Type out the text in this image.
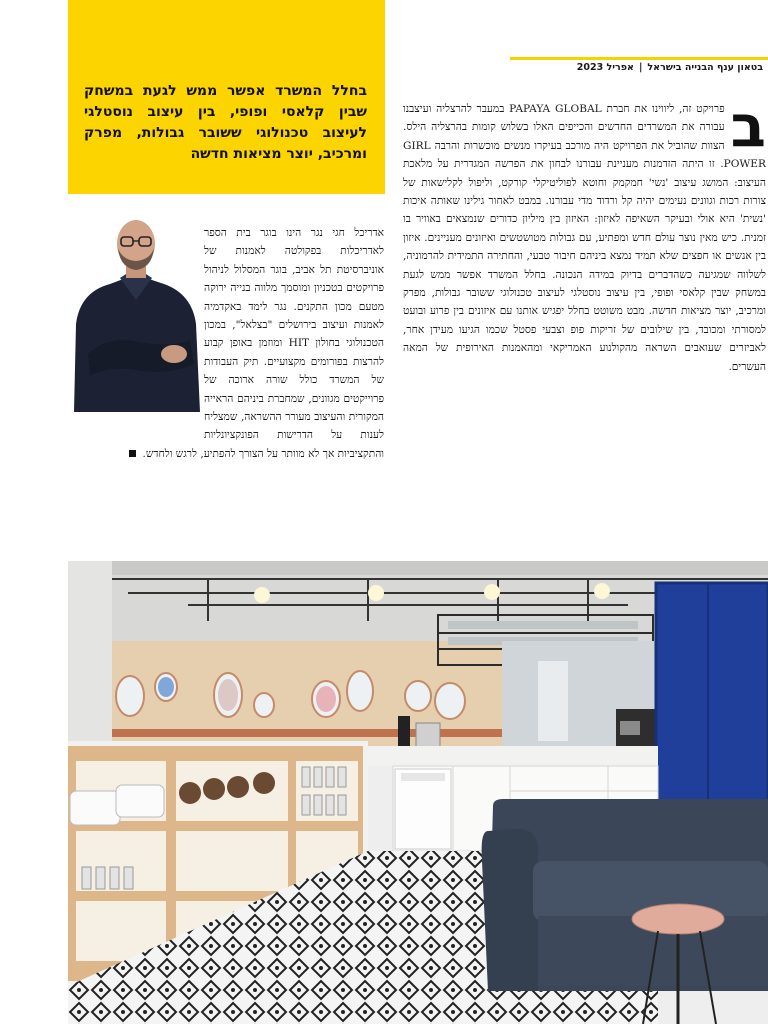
בטאון ענף הבנייה בישראל|אפריל 2023
בחלל המשרד אפשר ממש לגעת במשחק שבין קלאסי ופופי, בין עיצוב נוסטלגי לעיצוב טכנולוגי ששובר גבולות, מפרק ומרכיב, יוצר מציאות חדשה	ב
פרויקט זה, ליווינו את חברת PAPAYA GLOBAL במעבר להרצליה ועיצבנו עבורה את המשרדים החדשים והכייפים האלו בשלוש קומות בהרצליה הילס. הצוות שהוביל את הפרויקט היה מורכב בעיקרו מנשים מוכשרות והרבה GIRL POWER. זו היתה הזדמנות מעניינת עבורנו לבחון את הפרשה המגדרית על מלאכת העיצוב: המושג עיצוב 'נשי' חמקמק וחוטא לפוליטיקלי קורקט, וליפול לקלישאות של צורות רכות וגוונים נעימים יהיה קל ורדוד מדי עבורנו. במבט לאחור גילינו שאותה איכות 'נשית' היא אולי ובעיקר השאיפה לאיזון: האיזון בין מיליון כדורים שנמצאים באוויר בו זמנית. כיש מאין נוצר עולם חדש ומפתיע, עם גבולות מטושטשים ואיזונים מעניינים. איזון בין אנשים או חפצים שלא תמיד נמצא ביניהם חיבור טבעי, והחתירה התמידית להרמוניה, לשלווה שמגיעה כשהדברים בדיוק במידה הנכונה. בחלל המשרד אפשר ממש לגעת במשחק שבין קלאסי ופופי, בין עיצוב נוסטלגי לעיצוב טכנולוגי ששובר גבולות, מפרק ומרכיב, יוצר מציאות חדשה. מבט משוטט בחלל יפגיש אותנו עם איזונים בין פרוע ובועט למסורתי ומכובד, בין שילובים של זריקות פופ וצבעי פסטל שכמו הגיעו מעידן אחר, לאביזרים שעואבים השראה מהקולנוע האמריקאי ומהאמנות האירופית של המאה העשרים.
אדריכל חגי נגר הינו בוגר בית הספר לאדריכלות בפקולטה לאמנות של אוניברסיטת תל אביב, בוגר המסלול לניהול פרויקטים בטכניון ומוסמך מלווה בנייה ירוקה מטעם מכון התקנים. נגר לימד באקדמיה לאמנות ועיצוב בירושלים "בצלאל", במכון הטכנולוגי בחולון HIT ומוזמן באופן קבוע להרצות בפורומים מקצועיים. תיק העבודות של המשרד כולל שורה ארוכה של פרוייקטים מגוונים, שמחברת ביניהם הראייה המקורית והעיצוב מעורר ההשראה, שמצליח לענות על הדרישות הפונקציונליות והתקציביות אך לא מוותר על הצורך להפתיע, לרגש ולחדש.
